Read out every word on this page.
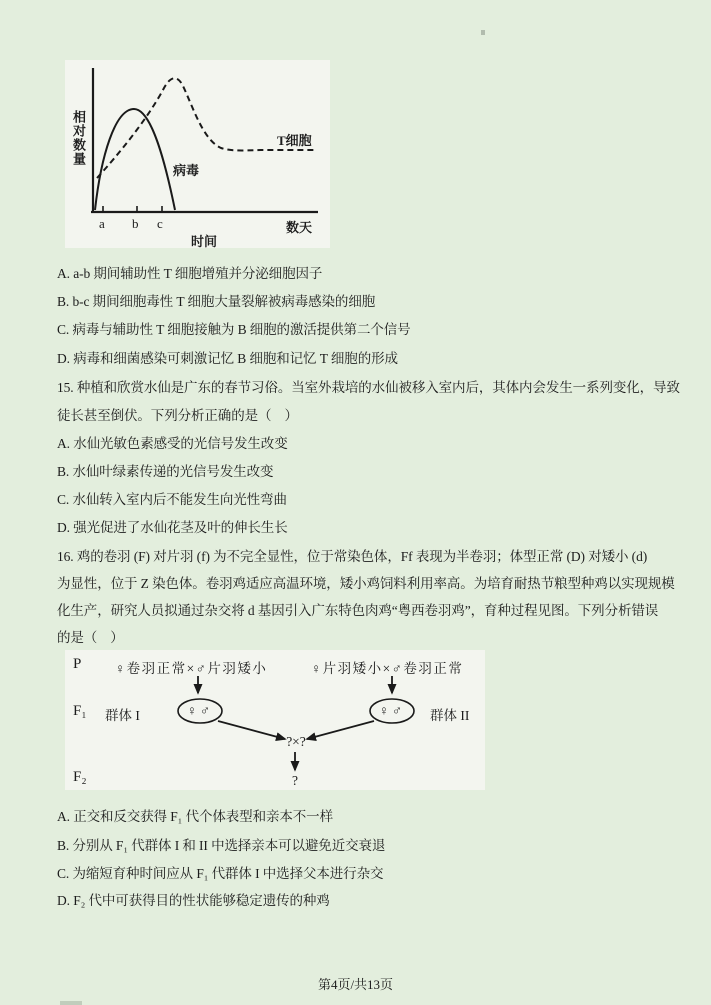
相对数量
病毒
T细胞
a b c	数天
时间
A. a-b 期间辅助性 T 细胞增殖并分泌细胞因子
B. b-c 期间细胞毒性 T 细胞大量裂解被病毒感染的细胞
C. 病毒与辅助性 T 细胞接触为 B 细胞的激活提供第二个信号
D. 病毒和细菌感染可刺激记忆 B 细胞和记忆 T 细胞的形成
15. 种植和欣赏水仙是广东的春节习俗。当室外栽培的水仙被移入室内后，其体内会发生一系列变化，导致
徒长甚至倒伏。下列分析正确的是（    ）
A. 水仙光敏色素感受的光信号发生改变
B. 水仙叶绿素传递的光信号发生改变
C. 水仙转入室内后不能发生向光性弯曲
D. 强光促进了水仙花茎及叶的伸长生长
16. 鸡的卷羽 (F) 对片羽 (f) 为不完全显性，位于常染色体，Ff 表现为半卷羽；体型正常 (D) 对矮小 (d)
为显性，位于 Z 染色体。卷羽鸡适应高温环境，矮小鸡饲料利用率高。为培育耐热节粮型种鸡以实现规模
化生产，研究人员拟通过杂交将 d 基因引入广东特色肉鸡“粤西卷羽鸡”，育种过程见图。下列分析错误
的是（    ）
P ♀卷羽正常×♂片羽矮小	♀片羽矮小×♂卷羽正常
F₁ 群体 I	♀♂	♀♂	群体 II
?×?
F₂	?
A. 正交和反交获得 F₁ 代个体表型和亲本不一样
B. 分别从 F₁ 代群体 I 和 II 中选择亲本可以避免近交衰退
C. 为缩短育种时间应从 F₁ 代群体 I 中选择父本进行杂交
D. F₂ 代中可获得目的性状能够稳定遗传的种鸡
第4页/共13页
